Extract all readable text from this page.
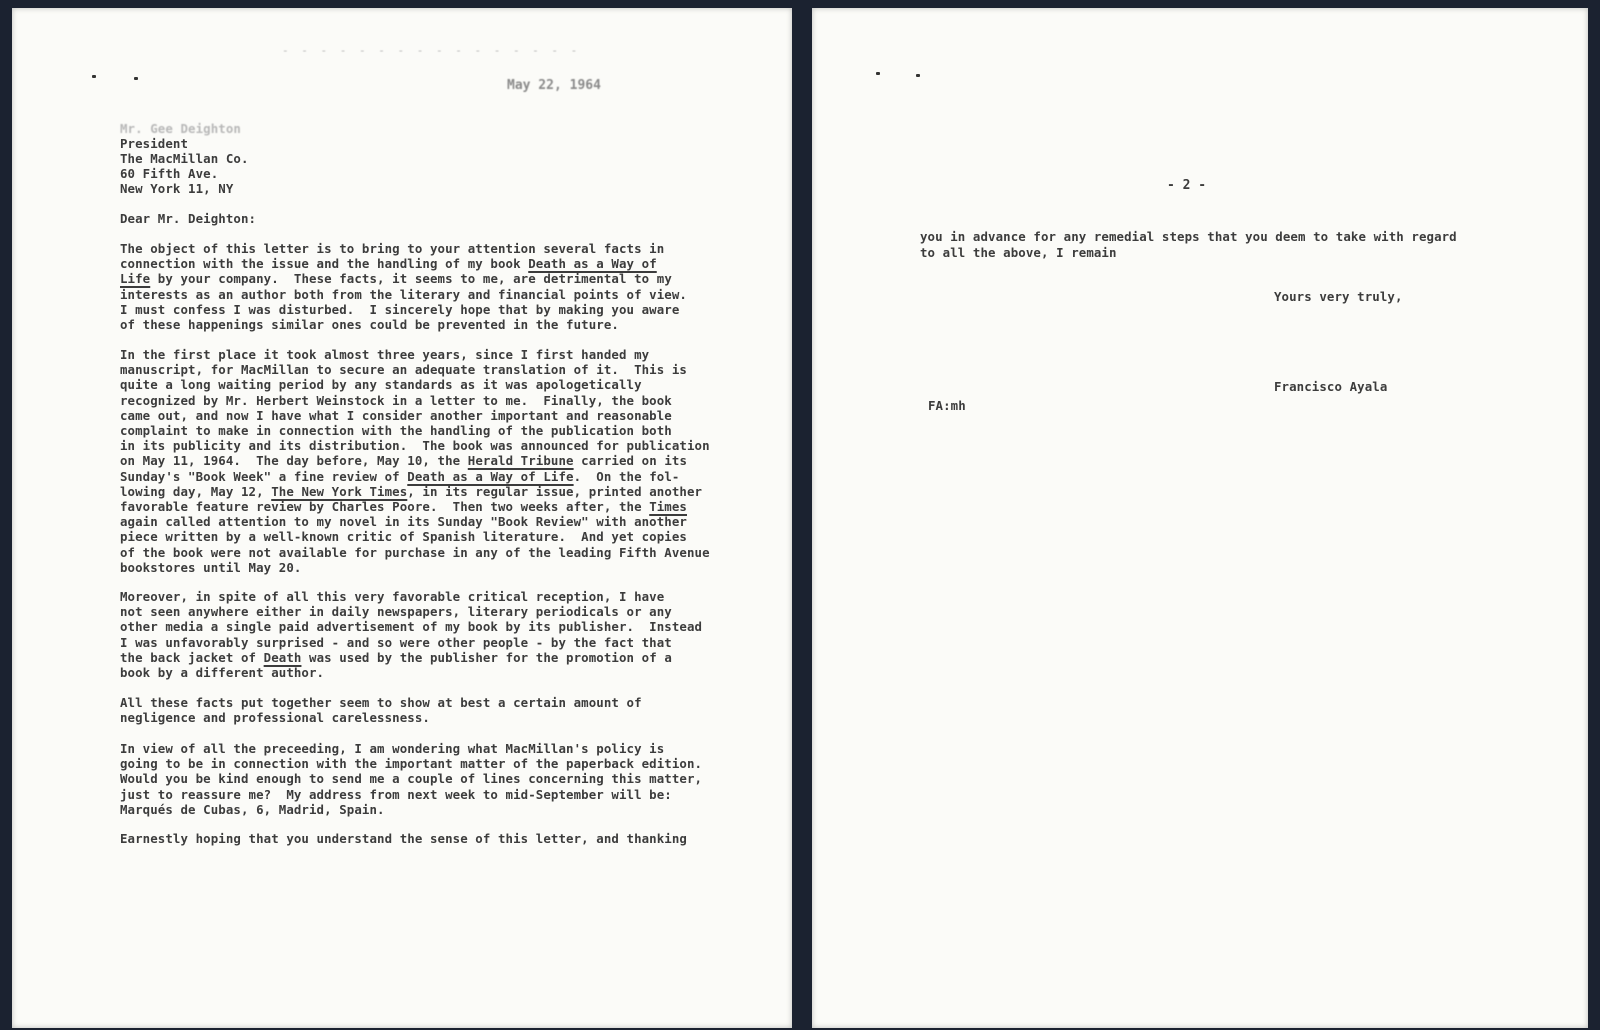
- - - - - - - - - - - - - - - -
May 22, 1964
Mr. Gee Deighton
President
The MacMillan Co.
60 Fifth Ave.
New York 11, NY
Dear Mr. Deighton:
The object of this letter is to bring to your attention several facts in
connection with the issue and the handling of my book Death as a Way of
Life by your company.  These facts, it seems to me, are detrimental to my
interests as an author both from the literary and financial points of view.
I must confess I was disturbed.  I sincerely hope that by making you aware
of these happenings similar ones could be prevented in the future.
In the first place it took almost three years, since I first handed my
manuscript, for MacMillan to secure an adequate translation of it.  This is
quite a long waiting period by any standards as it was apologetically
recognized by Mr. Herbert Weinstock in a letter to me.  Finally, the book
came out, and now I have what I consider another important and reasonable
complaint to make in connection with the handling of the publication both
in its publicity and its distribution.  The book was announced for publication
on May 11, 1964.  The day before, May 10, the Herald Tribune carried on its
Sunday's "Book Week" a fine review of Death as a Way of Life.  On the fol-
lowing day, May 12, The New York Times, in its regular issue, printed another
favorable feature review by Charles Poore.  Then two weeks after, the Times
again called attention to my novel in its Sunday "Book Review" with another
piece written by a well-known critic of Spanish literature.  And yet copies
of the book were not available for purchase in any of the leading Fifth Avenue
bookstores until May 20.
Moreover, in spite of all this very favorable critical reception, I have
not seen anywhere either in daily newspapers, literary periodicals or any
other media a single paid advertisement of my book by its publisher.  Instead
I was unfavorably surprised - and so were other people - by the fact that
the back jacket of Death was used by the publisher for the promotion of a
book by a different author.
All these facts put together seem to show at best a certain amount of
negligence and professional carelessness.
In view of all the preceeding, I am wondering what MacMillan's policy is
going to be in connection with the important matter of the paperback edition.
Would you be kind enough to send me a couple of lines concerning this matter,
just to reassure me?  My address from next week to mid-September will be:
Marqués de Cubas, 6, Madrid, Spain.
Earnestly hoping that you understand the sense of this letter, and thanking
- 2 -
you in advance for any remedial steps that you deem to take with regard
to all the above, I remain
Yours very truly,
Francisco Ayala
FA:mh
